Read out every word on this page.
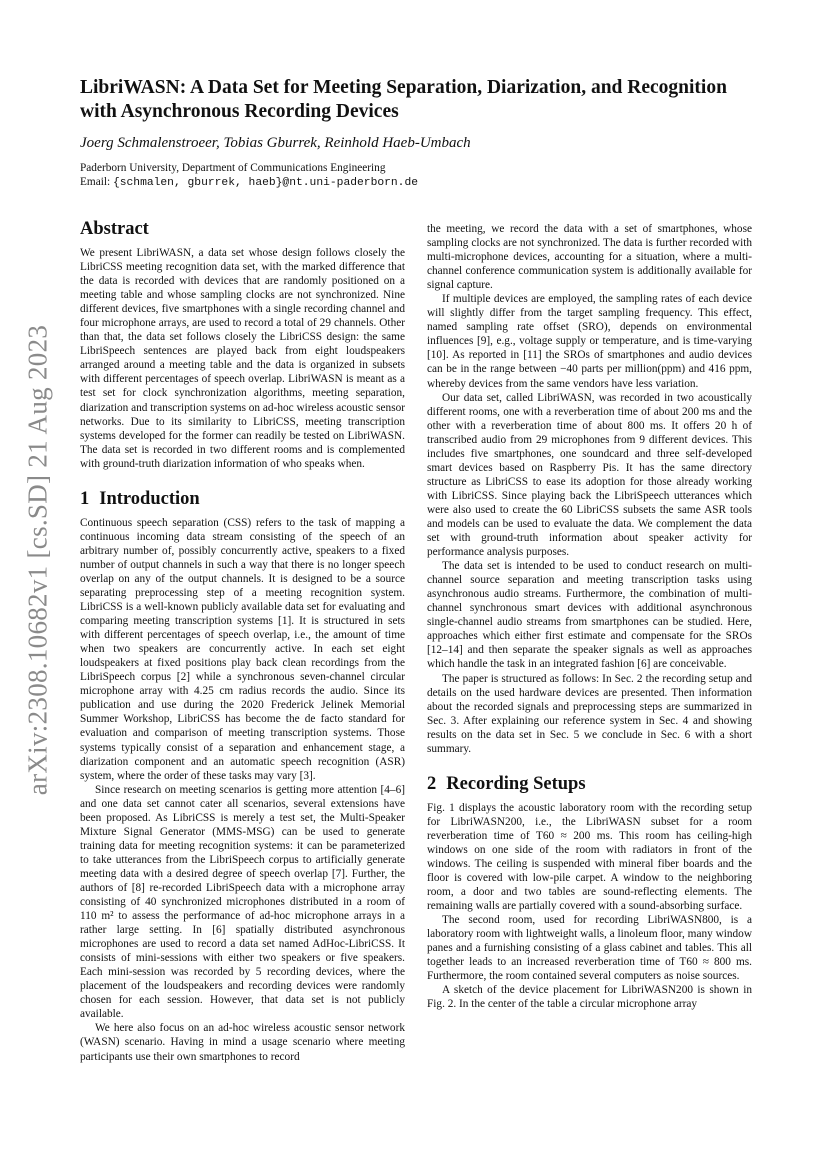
arXiv:2308.10682v1 [cs.SD] 21 Aug 2023
LibriWASN: A Data Set for Meeting Separation, Diarization, and Recognition with Asynchronous Recording Devices

Joerg Schmalenstroeer, Tobias Gburrek, Reinhold Haeb-Umbach

Paderborn University, Department of Communications Engineering
Email: {schmalen, gburrek, haeb}@nt.uni-paderborn.de
Abstract

We present LibriWASN, a data set whose design follows closely the LibriCSS meeting recognition data set, with the marked difference that the data is recorded with devices that are randomly positioned on a meeting table and whose sampling clocks are not synchronized. Nine different devices, five smartphones with a single recording channel and four microphone arrays, are used to record a total of 29 channels. Other than that, the data set follows closely the LibriCSS design: the same LibriSpeech sentences are played back from eight loudspeakers arranged around a meeting table and the data is organized in subsets with different percentages of speech overlap. LibriWASN is meant as a test set for clock synchronization algorithms, meeting separation, diarization and transcription systems on ad-hoc wireless acoustic sensor networks. Due to its similarity to LibriCSS, meeting transcription systems developed for the former can readily be tested on LibriWASN. The data set is recorded in two different rooms and is complemented with ground-truth diarization information of who speaks when.

1 Introduction

Continuous speech separation (CSS) refers to the task of mapping a continuous incoming data stream consisting of the speech of an arbitrary number of, possibly concurrently active, speakers to a fixed number of output channels in such a way that there is no longer speech overlap on any of the output channels. It is designed to be a source separating preprocessing step of a meeting recognition system. LibriCSS is a well-known publicly available data set for evaluating and comparing meeting transcription systems [1]. It is structured in sets with different percentages of speech overlap, i.e., the amount of time when two speakers are concurrently active. In each set eight loudspeakers at fixed positions play back clean recordings from the LibriSpeech corpus [2] while a synchronous seven-channel circular microphone array with 4.25 cm radius records the audio. Since its publication and use during the 2020 Frederick Jelinek Memorial Summer Workshop, LibriCSS has become the de facto standard for evaluation and comparison of meeting transcription systems. Those systems typically consist of a separation and enhancement stage, a diarization component and an automatic speech recognition (ASR) system, where the order of these tasks may vary [3].

Since research on meeting scenarios is getting more attention [4–6] and one data set cannot cater all scenarios, several extensions have been proposed. As LibriCSS is merely a test set, the Multi-Speaker Mixture Signal Generator (MMS-MSG) can be used to generate training data for meeting recognition systems: it can be parameterized to take utterances from the LibriSpeech corpus to artificially generate meeting data with a desired degree of speech overlap [7]. Further, the authors of [8] re-recorded LibriSpeech data with a microphone array consisting of 40 synchronized microphones distributed in a room of 110 m² to assess the performance of ad-hoc microphone arrays in a rather large setting. In [6] spatially distributed asynchronous microphones are used to record a data set named AdHoc-LibriCSS. It consists of mini-sessions with either two speakers or five speakers. Each mini-session was recorded by 5 recording devices, where the placement of the loudspeakers and recording devices were randomly chosen for each session. However, that data set is not publicly available.

We here also focus on an ad-hoc wireless acoustic sensor network (WASN) scenario. Having in mind a usage scenario where meeting participants use their own smartphones to record

the meeting, we record the data with a set of smartphones, whose sampling clocks are not synchronized. The data is further recorded with multi-microphone devices, accounting for a situation, where a multi-channel conference communication system is additionally available for signal capture.

If multiple devices are employed, the sampling rates of each device will slightly differ from the target sampling frequency. This effect, named sampling rate offset (SRO), depends on environmental influences [9], e.g., voltage supply or temperature, and is time-varying [10]. As reported in [11] the SROs of smartphones and audio devices can be in the range between −40 parts per million(ppm) and 416 ppm, whereby devices from the same vendors have less variation.

Our data set, called LibriWASN, was recorded in two acoustically different rooms, one with a reverberation time of about 200 ms and the other with a reverberation time of about 800 ms. It offers 20 h of transcribed audio from 29 microphones from 9 different devices. This includes five smartphones, one soundcard and three self-developed smart devices based on Raspberry Pis. It has the same directory structure as LibriCSS to ease its adoption for those already working with LibriCSS. Since playing back the LibriSpeech utterances which were also used to create the 60 LibriCSS subsets the same ASR tools and models can be used to evaluate the data. We complement the data set with ground-truth information about speaker activity for performance analysis purposes.

The data set is intended to be used to conduct research on multi-channel source separation and meeting transcription tasks using asynchronous audio streams. Furthermore, the combination of multi-channel synchronous smart devices with additional asynchronous single-channel audio streams from smartphones can be studied. Here, approaches which either first estimate and compensate for the SROs [12–14] and then separate the speaker signals as well as approaches which handle the task in an integrated fashion [6] are conceivable.

The paper is structured as follows: In Sec. 2 the recording setup and details on the used hardware devices are presented. Then information about the recorded signals and preprocessing steps are summarized in Sec. 3. After explaining our reference system in Sec. 4 and showing results on the data set in Sec. 5 we conclude in Sec. 6 with a short summary.

2 Recording Setups

Fig. 1 displays the acoustic laboratory room with the recording setup for LibriWASN200, i.e., the LibriWASN subset for a room reverberation time of T60 ≈ 200 ms. This room has ceiling-high windows on one side of the room with radiators in front of the windows. The ceiling is suspended with mineral fiber boards and the floor is covered with low-pile carpet. A window to the neighboring room, a door and two tables are sound-reflecting elements. The remaining walls are partially covered with a sound-absorbing surface.

The second room, used for recording LibriWASN800, is a laboratory room with lightweight walls, a linoleum floor, many window panes and a furnishing consisting of a glass cabinet and tables. This all together leads to an increased reverberation time of T60 ≈ 800 ms. Furthermore, the room contained several computers as noise sources.

A sketch of the device placement for LibriWASN200 is shown in Fig. 2. In the center of the table a circular microphone array
